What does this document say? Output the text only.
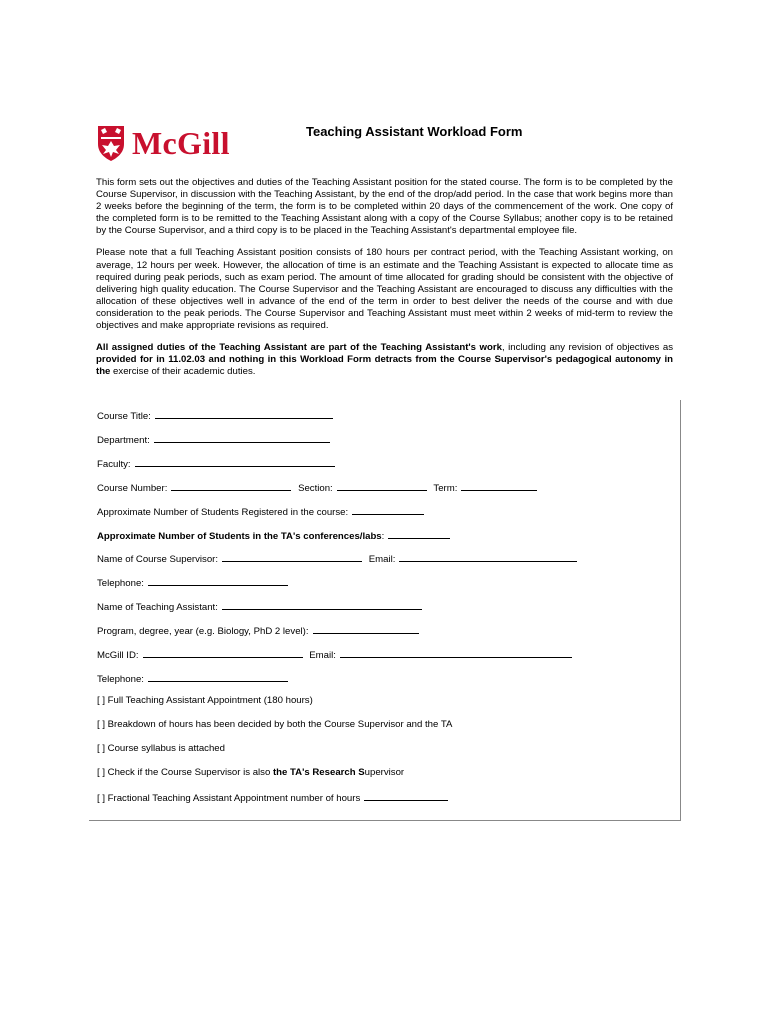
McGill	Teaching Assistant Workload Form

This form sets out the objectives and duties of the Teaching Assistant position for the stated course. The form is to be completed by the Course Supervisor, in discussion with the Teaching Assistant, by the end of the drop/add period. In the case that work begins more than 2 weeks before the beginning of the term, the form is to be completed within 20 days of the commencement of the work. One copy of the completed form is to be remitted to the Teaching Assistant along with a copy of the Course Syllabus; another copy is to be retained by the Course Supervisor, and a third copy is to be placed in the Teaching Assistant's departmental employee file.

Please note that a full Teaching Assistant position consists of 180 hours per contract period, with the Teaching Assistant working, on average, 12 hours per week. However, the allocation of time is an estimate and the Teaching Assistant is expected to allocate time as required during peak periods, such as exam period. The amount of time allocated for grading should be consistent with the objective of delivering high quality education. The Course Supervisor and the Teaching Assistant are encouraged to discuss any difficulties with the allocation of these objectives well in advance of the end of the term in order to best deliver the needs of the course and with due consideration to the peak periods. The Course Supervisor and Teaching Assistant must meet within 2 weeks of mid-term to review the objectives and make appropriate revisions as required.

All assigned duties of the Teaching Assistant are part of the Teaching Assistant's work, including any revision of objectives as provided for in 11.02.03 and nothing in this Workload Form detracts from the Course Supervisor's pedagogical autonomy in the exercise of their academic duties.

Course Title:
Department:
Faculty:
Course Number:	Section:	Term:
Approximate Number of Students Registered in the course:
Approximate Number of Students in the TA's conferences/labs:
Name of Course Supervisor:	Email:
Telephone:
Name of Teaching Assistant:
Program, degree, year (e.g. Biology, PhD 2 level):
McGill ID:	Email:
Telephone:
[ ] Full Teaching Assistant Appointment (180 hours)
[ ] Breakdown of hours has been decided by both the Course Supervisor and the TA
[ ] Course syllabus is attached
[ ] Check if the Course Supervisor is also the TA's Research Supervisor
[ ] Fractional Teaching Assistant Appointment number of hours
